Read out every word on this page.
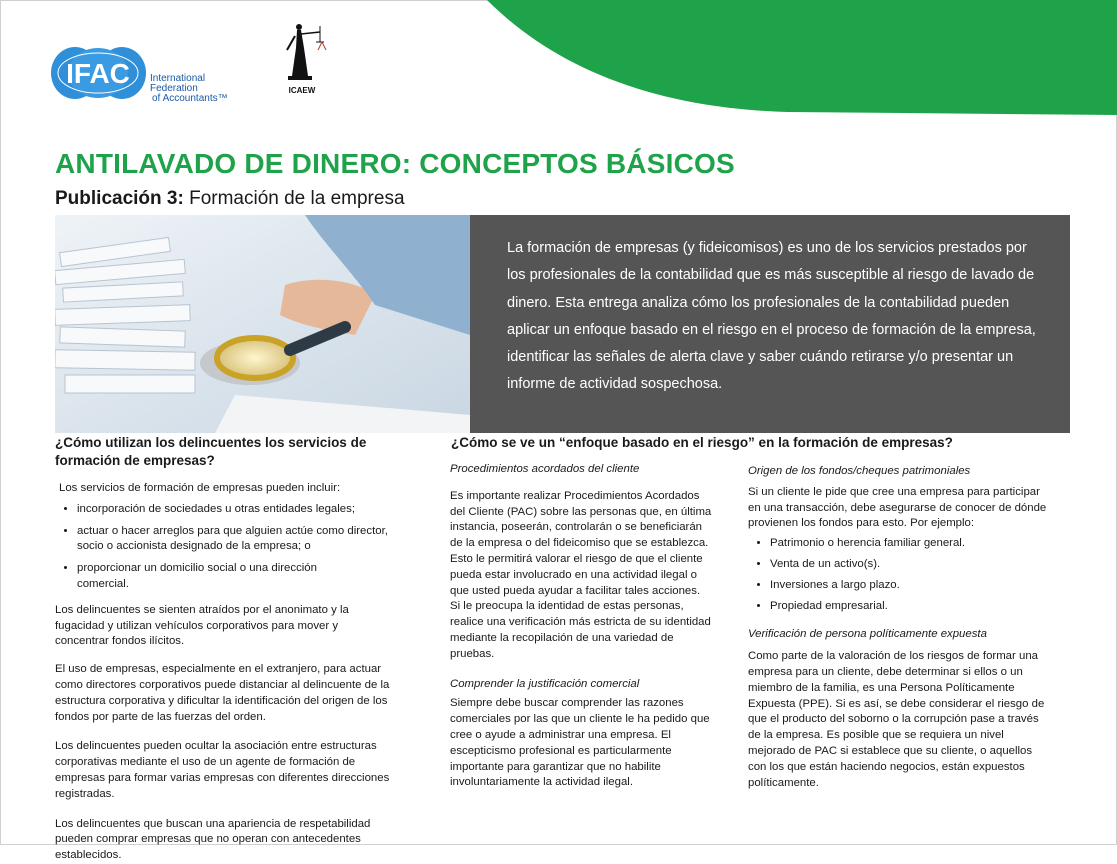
IFAC International
Federation
of Accountants™
ICAEW
ANTILAVADO DE DINERO: CONCEPTOS BÁSICOS

Publicación 3: Formación de la empresa

La formación de empresas (y fideicomisos) es uno de los servicios prestados por los profesionales de la contabilidad que es más susceptible al riesgo de lavado de dinero. Esta entrega analiza cómo los profesionales de la contabilidad pueden aplicar un enfoque basado en el riesgo en el proceso de formación de la empresa, identificar las señales de alerta clave y saber cuándo retirarse y/o presentar un informe de actividad sospechosa.

¿Cómo utilizan los delincuentes los servicios de formación de empresas?

Los servicios de formación de empresas pueden incluir:

• incorporación de sociedades u otras entidades legales;
• actuar o hacer arreglos para que alguien actúe como director, socio o accionista designado de la empresa; o
• proporcionar un domicilio social o una dirección comercial.

Los delincuentes se sienten atraídos por el anonimato y la fugacidad y utilizan vehículos corporativos para mover y concentrar fondos ilícitos.

El uso de empresas, especialmente en el extranjero, para actuar como directores corporativos puede distanciar al delincuente de la estructura corporativa y dificultar la identificación del origen de los fondos por parte de las fuerzas del orden.

Los delincuentes pueden ocultar la asociación entre estructuras corporativas mediante el uso de un agente de formación de empresas para formar varias empresas con diferentes direcciones registradas.

Los delincuentes que buscan una apariencia de respetabilidad pueden comprar empresas que no operan con antecedentes establecidos.

¿Cómo se ve un “enfoque basado en el riesgo” en la formación de empresas?

Procedimientos acordados del cliente

Es importante realizar Procedimientos Acordados del Cliente (PAC) sobre las personas que, en última instancia, poseerán, controlarán o se beneficiarán de la empresa o del fideicomiso que se establezca. Esto le permitirá valorar el riesgo de que el cliente pueda estar involucrado en una actividad ilegal o que usted pueda ayudar a facilitar tales acciones. Si le preocupa la identidad de estas personas, realice una verificación más estricta de su identidad mediante la recopilación de una variedad de pruebas.

Comprender la justificación comercial

Siempre debe buscar comprender las razones comerciales por las que un cliente le ha pedido que cree o ayude a administrar una empresa. El escepticismo profesional es particularmente importante para garantizar que no habilite involuntariamente la actividad ilegal.

Origen de los fondos/cheques patrimoniales

Si un cliente le pide que cree una empresa para participar en una transacción, debe asegurarse de conocer de dónde provienen los fondos para esto. Por ejemplo:

• Patrimonio o herencia familiar general.
• Venta de un activo(s).
• Inversiones a largo plazo.
• Propiedad empresarial.

Verificación de persona políticamente expuesta

Como parte de la valoración de los riesgos de formar una empresa para un cliente, debe determinar si ellos o un miembro de la familia, es una Persona Políticamente Expuesta (PPE). Si es así, se debe considerar el riesgo de que el producto del soborno o la corrupción pase a través de la empresa. Es posible que se requiera un nivel mejorado de PAC si establece que su cliente, o aquellos con los que están haciendo negocios, están expuestos políticamente.
